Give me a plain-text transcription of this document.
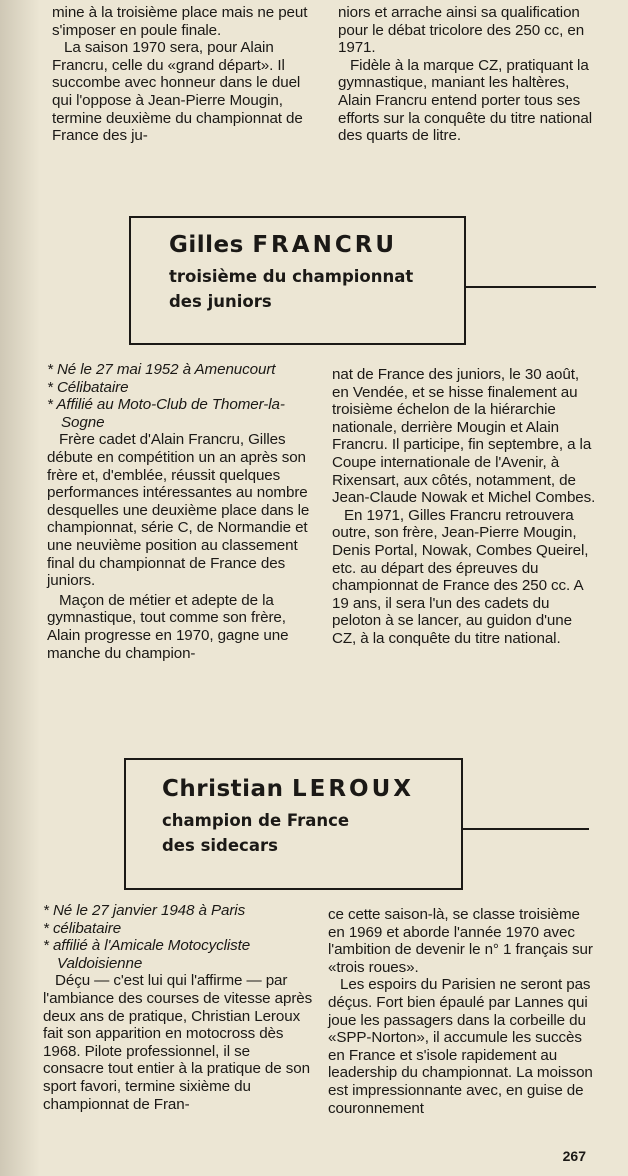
mine à la troisième place mais ne peut s'imposer en poule finale.

La saison 1970 sera, pour Alain Francru, celle du «grand départ». Il succombe avec honneur dans le duel qui l'oppose à Jean-Pierre Mougin, termine deuxième du championnat de France des ju-

niors et arrache ainsi sa qualification pour le débat tricolore des 250 cc, en 1971.

Fidèle à la marque CZ, pratiquant la gymnastique, maniant les haltères, Alain Francru entend porter tous ses efforts sur la conquête du titre national des quarts de litre.

Gilles FRANCRU

troisième du championnat

des juniors

* Né le 27 mai 1952 à Amenucourt

* Célibataire

* Affilié au Moto-Club de Thomer-la-Sogne

Frère cadet d'Alain Francru, Gilles débute en compétition un an après son frère et, d'emblée, réussit quelques performances intéressantes au nombre desquelles une deuxième place dans le championnat, série C, de Normandie et une neuvième position au classement final du championnat de France des juniors.

Maçon de métier et adepte de la gymnastique, tout comme son frère, Alain progresse en 1970, gagne une manche du champion-

nat de France des juniors, le 30 août, en Vendée, et se hisse finalement au troisième échelon de la hiérarchie nationale, derrière Mougin et Alain Francru. Il participe, fin septembre, a la Coupe internationale de l'Avenir, à Rixensart, aux côtés, notamment, de Jean-Claude Nowak et Michel Combes.

En 1971, Gilles Francru retrouvera outre, son frère, Jean-Pierre Mougin, Denis Portal, Nowak, Combes Queirel, etc. au départ des épreuves du championnat de France des 250 cc. A 19 ans, il sera l'un des cadets du peloton à se lancer, au guidon d'une CZ, à la conquête du titre national.

Christian LEROUX

champion de France

des sidecars

* Né le 27 janvier 1948 à Paris

* célibataire

* affilié à l'Amicale Motocycliste Valdoisienne

Déçu — c'est lui qui l'affirme — par l'ambiance des courses de vitesse après deux ans de pratique, Christian Leroux fait son apparition en motocross dès 1968. Pilote professionnel, il se consacre tout entier à la pratique de son sport favori, termine sixième du championnat de Fran-

ce cette saison-là, se classe troisième en 1969 et aborde l'année 1970 avec l'ambition de devenir le n° 1 français sur «trois roues».

Les espoirs du Parisien ne seront pas déçus. Fort bien épaulé par Lannes qui joue les passagers dans la corbeille du «SPP-Norton», il accumule les succès en France et s'isole rapidement au leadership du championnat. La moisson est impressionnante avec, en guise de couronnement

267
